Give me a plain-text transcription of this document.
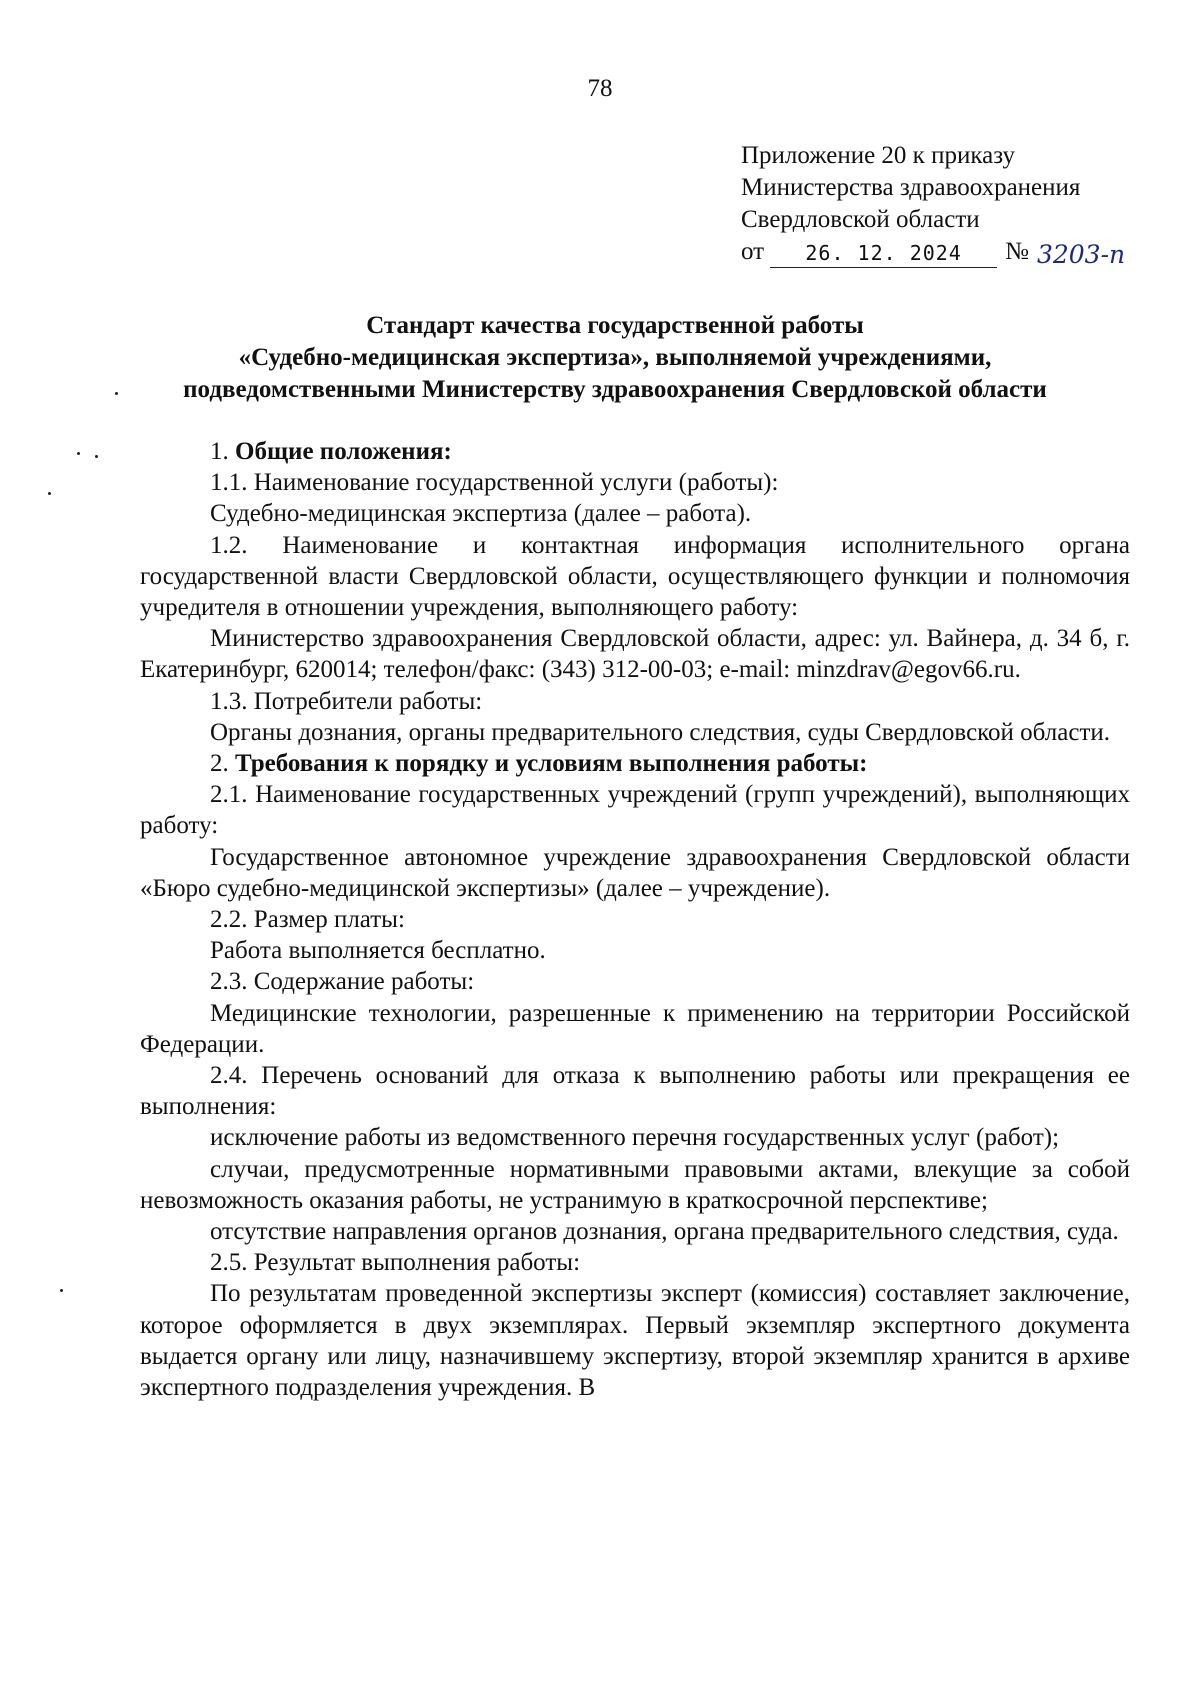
78
Приложение 20 к приказу
Министерства здравоохранения
Свердловской области
от	26. 12. 2024	№ 3203-п
Стандарт качества государственной работы
«Судебно-медицинская экспертиза», выполняемой учреждениями,
подведомственными Министерству здравоохранения Свердловской области

1. Общие положения:

1.1. Наименование государственной услуги (работы):

Судебно-медицинская экспертиза (далее – работа).

1.2. Наименование и контактная информация исполнительного органа государственной власти Свердловской области, осуществляющего функции и полномочия учредителя в отношении учреждения, выполняющего работу:

Министерство здравоохранения Свердловской области, адрес: ул. Вайнера, д. 34 б, г. Екатеринбург, 620014; телефон/факс: (343) 312-00-03; e-mail: minzdrav@egov66.ru.

1.3. Потребители работы:

Органы дознания, органы предварительного следствия, суды Свердловской области.

2. Требования к порядку и условиям выполнения работы:

2.1. Наименование государственных учреждений (групп учреждений), выполняющих работу:

Государственное автономное учреждение здравоохранения Свердловской области «Бюро судебно-медицинской экспертизы» (далее – учреждение).

2.2. Размер платы:

Работа выполняется бесплатно.

2.3. Содержание работы:

Медицинские технологии, разрешенные к применению на территории Российской Федерации.

2.4. Перечень оснований для отказа к выполнению работы или прекращения ее выполнения:

исключение работы из ведомственного перечня государственных услуг (работ);

случаи, предусмотренные нормативными правовыми актами, влекущие за собой невозможность оказания работы, не устранимую в краткосрочной перспективе;

отсутствие направления органов дознания, органа предварительного следствия, суда.

2.5. Результат выполнения работы:

По результатам проведенной экспертизы эксперт (комиссия) составляет заключение, которое оформляется в двух экземплярах. Первый экземпляр экспертного документа выдается органу или лицу, назначившему экспертизу, второй экземпляр хранится в архиве экспертного подразделения учреждения. В
